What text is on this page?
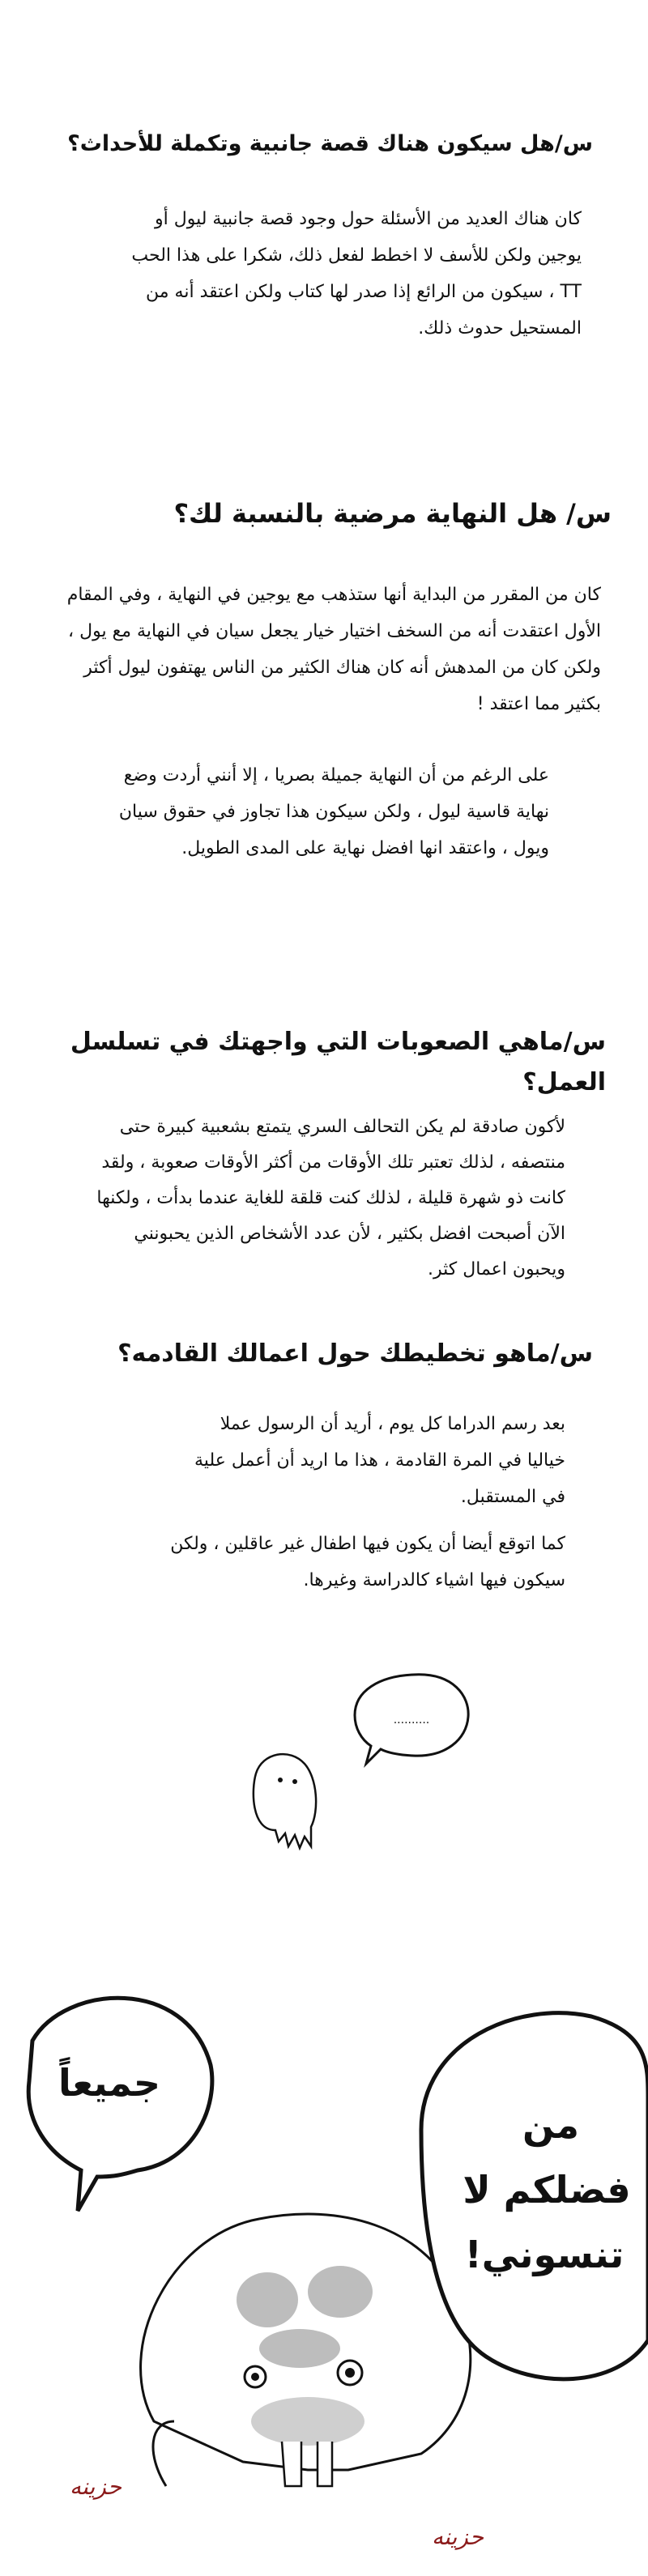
س/هل سيكون هناك قصة جانبية وتكملة للأحداث؟

كان هناك العديد من الأسئلة حول وجود قصة جانبية ليول أو يوجين ولكن للأسف لا اخطط لفعل ذلك، شكرا على هذا الحب TT ، سيكون من الرائع إذا صدر لها كتاب ولكن اعتقد أنه من المستحيل حدوث ذلك.

س/ هل النهاية مرضية بالنسبة لك؟

كان من المقرر من البداية أنها ستذهب مع يوجين في النهاية ، وفي المقام الأول اعتقدت أنه من السخف اختيار خيار يجعل سيان في النهاية مع يول ، ولكن كان من المدهش أنه كان هناك الكثير من الناس يهتفون ليول أكثر بكثير مما اعتقد !

على الرغم من أن النهاية جميلة بصريا ، إلا أنني أردت وضع نهاية قاسية ليول ، ولكن سيكون هذا تجاوز في حقوق سيان ويول ، واعتقد انها افضل نهاية على المدى الطويل.

س/ماهي الصعوبات التي واجهتك في تسلسل العمل؟

لأكون صادقة لم يكن التحالف السري يتمتع بشعبية كبيرة حتى منتصفه ، لذلك تعتبر تلك الأوقات من أكثر الأوقات صعوبة ، ولقد كانت ذو شهرة قليلة ، لذلك كنت قلقة للغاية عندما بدأت ، ولكنها الآن أصبحت افضل بكثير ، لأن عدد الأشخاص الذين يحبونني ويحبون اعمال كثر.

س/ماهو تخطيطك حول اعمالك القادمه؟

بعد رسم الدراما كل يوم ، أريد أن الرسول عملا خياليا في المرة القادمة ، هذا ما اريد أن أعمل علية في المستقبل.

كما اتوقع أيضا أن يكون فيها اطفال غير عاقلين ، ولكن سيكون فيها اشياء كالدراسة وغيرها.

..........
جميعاً
من
فضلكم لا
تنسوني!
حزينه
حزينه
